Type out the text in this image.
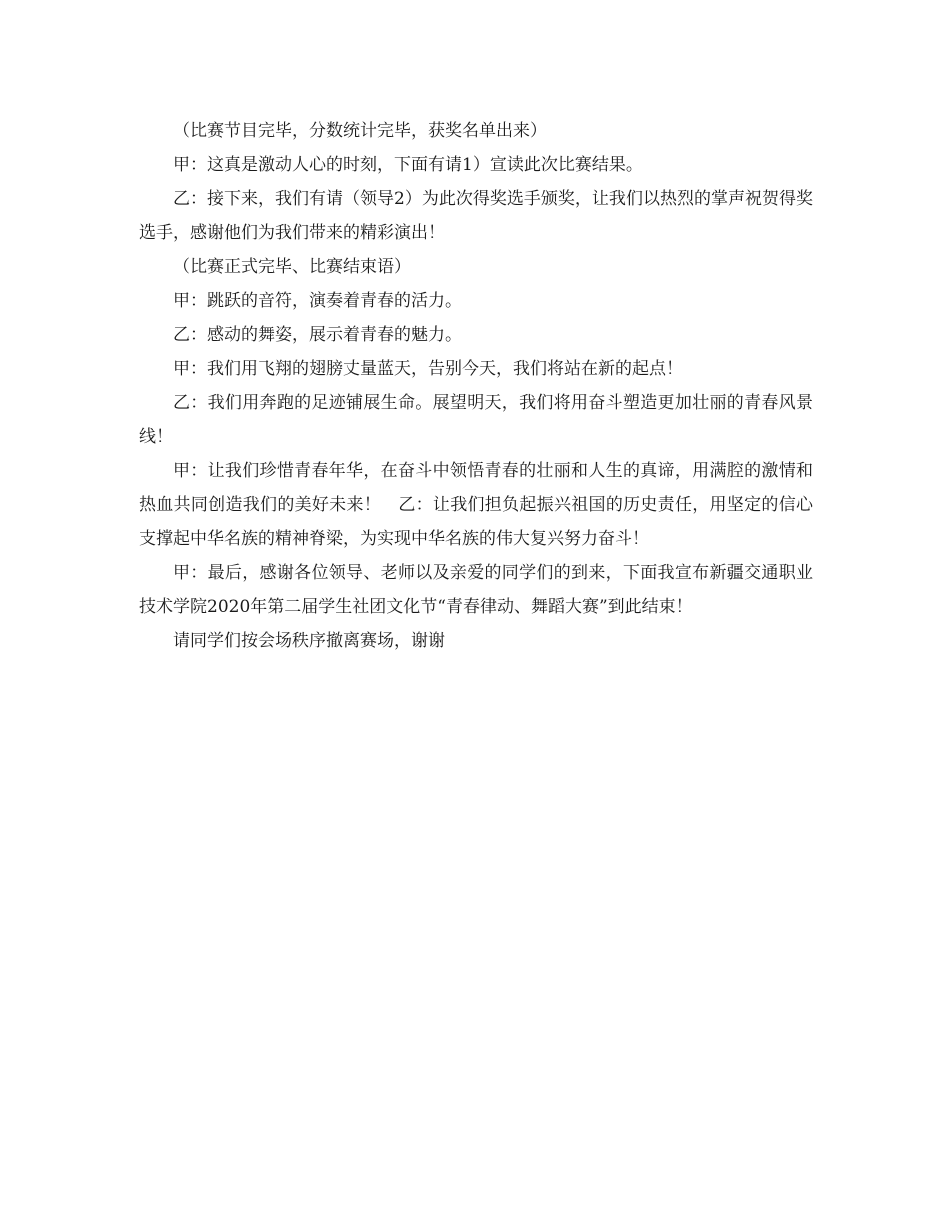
（比赛节目完毕，分数统计完毕，获奖名单出来）

甲：这真是激动人心的时刻，下面有请1）宣读此次比赛结果。

乙：接下来，我们有请（领导2）为此次得奖选手颁奖，让我们以热烈的掌声祝贺得奖选手，感谢他们为我们带来的精彩演出！

（比赛正式完毕、比赛结束语）

甲：跳跃的音符，演奏着青春的活力。

乙：感动的舞姿，展示着青春的魅力。

甲：我们用飞翔的翅膀丈量蓝天，告别今天，我们将站在新的起点！

乙：我们用奔跑的足迹铺展生命。展望明天，我们将用奋斗塑造更加壮丽的青春风景线！

甲：让我们珍惜青春年华，在奋斗中领悟青春的壮丽和人生的真谛，用满腔的激情和热血共同创造我们的美好未来！　乙：让我们担负起振兴祖国的历史责任，用坚定的信心支撑起中华名族的精神脊梁，为实现中华名族的伟大复兴努力奋斗！

甲：最后，感谢各位领导、老师以及亲爱的同学们的到来，下面我宣布新疆交通职业技术学院2020年第二届学生社团文化节“青春律动、舞蹈大赛”到此结束！

请同学们按会场秩序撤离赛场，谢谢
